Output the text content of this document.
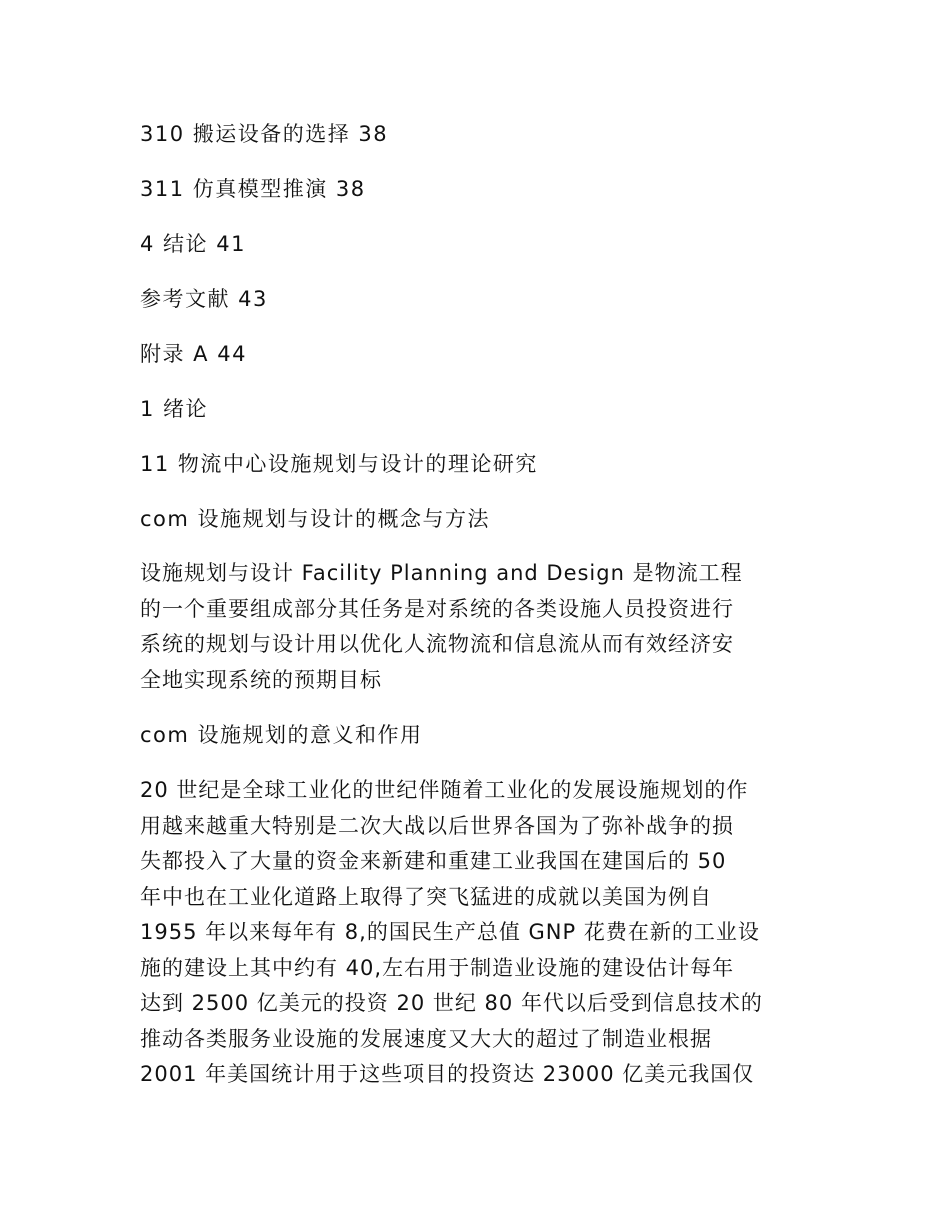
310 搬运设备的选择 38
311 仿真模型推演 38
4 结论 41
参考文献 43
附录 A 44
1 绪论
11 物流中心设施规划与设计的理论研究
com 设施规划与设计的概念与方法
设施规划与设计 Facility Planning and Design 是物流工程
的一个重要组成部分其任务是对系统的各类设施人员投资进行
系统的规划与设计用以优化人流物流和信息流从而有效经济安
全地实现系统的预期目标
com 设施规划的意义和作用
20 世纪是全球工业化的世纪伴随着工业化的发展设施规划的作
用越来越重大特别是二次大战以后世界各国为了弥补战争的损
失都投入了大量的资金来新建和重建工业我国在建国后的 50
年中也在工业化道路上取得了突飞猛进的成就以美国为例自
1955 年以来每年有 8,的国民生产总值 GNP 花费在新的工业设
施的建设上其中约有 40,左右用于制造业设施的建设估计每年
达到 2500 亿美元的投资 20 世纪 80 年代以后受到信息技术的
推动各类服务业设施的发展速度又大大的超过了制造业根据
2001 年美国统计用于这些项目的投资达 23000 亿美元我国仅
